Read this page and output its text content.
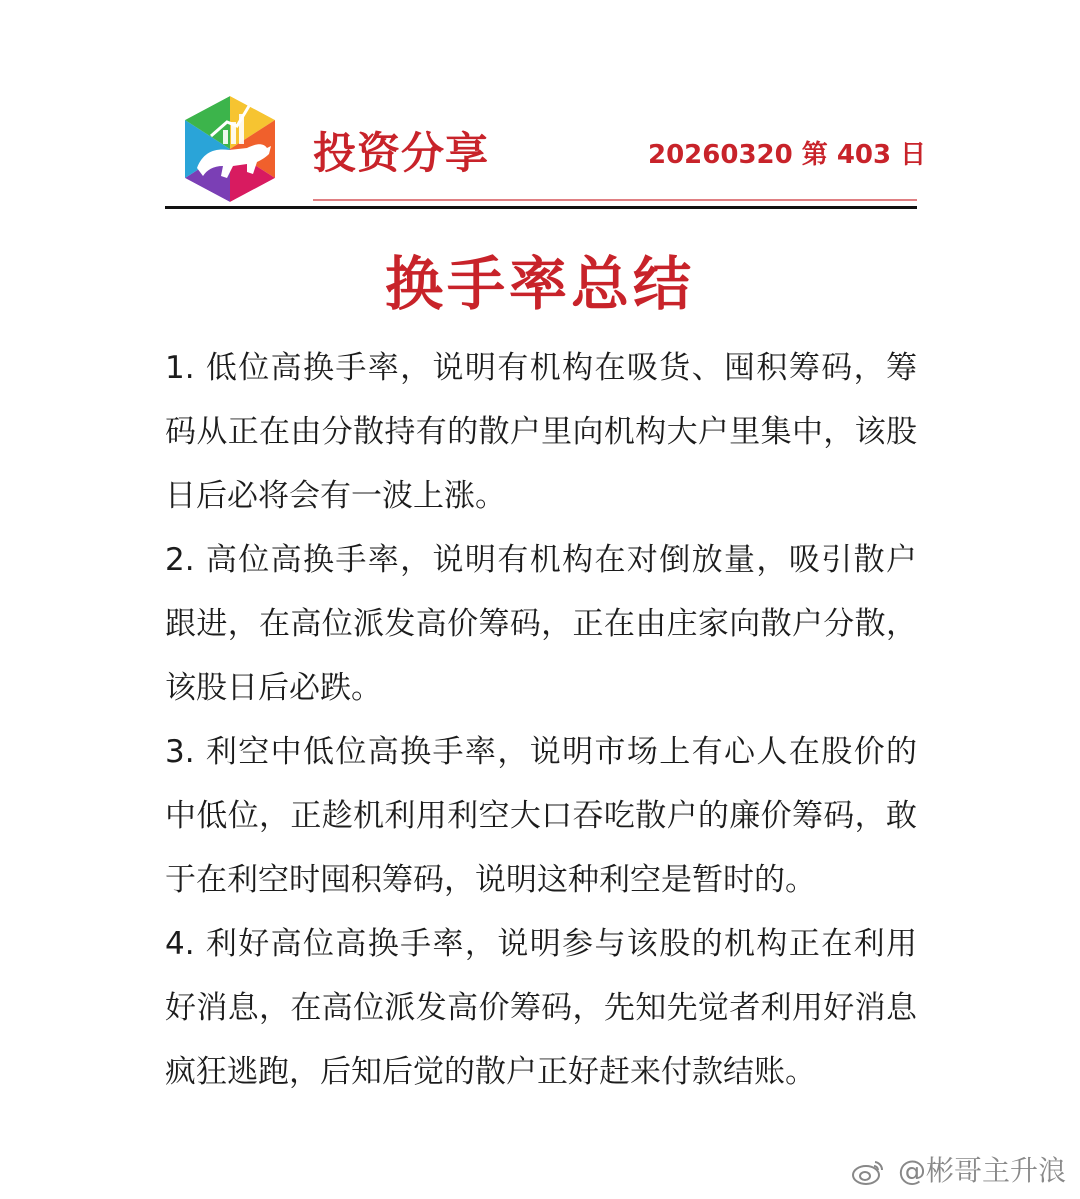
投资分享	20260320 第 403 日
换手率总结

1. 低位高换手率，说明有机构在吸货、囤积筹码，筹码从正在由分散持有的散户里向机构大户里集中，该股日后必将会有一波上涨。

2. 高位高换手率，说明有机构在对倒放量，吸引散户跟进，在高位派发高价筹码，正在由庄家向散户分散，该股日后必跌。

3. 利空中低位高换手率，说明市场上有心人在股价的中低位，正趁机利用利空大口吞吃散户的廉价筹码，敢于在利空时囤积筹码，说明这种利空是暂时的。

4. 利好高位高换手率，说明参与该股的机构正在利用好消息，在高位派发高价筹码，先知先觉者利用好消息疯狂逃跑，后知后觉的散户正好赶来付款结账。

@彬哥主升浪
